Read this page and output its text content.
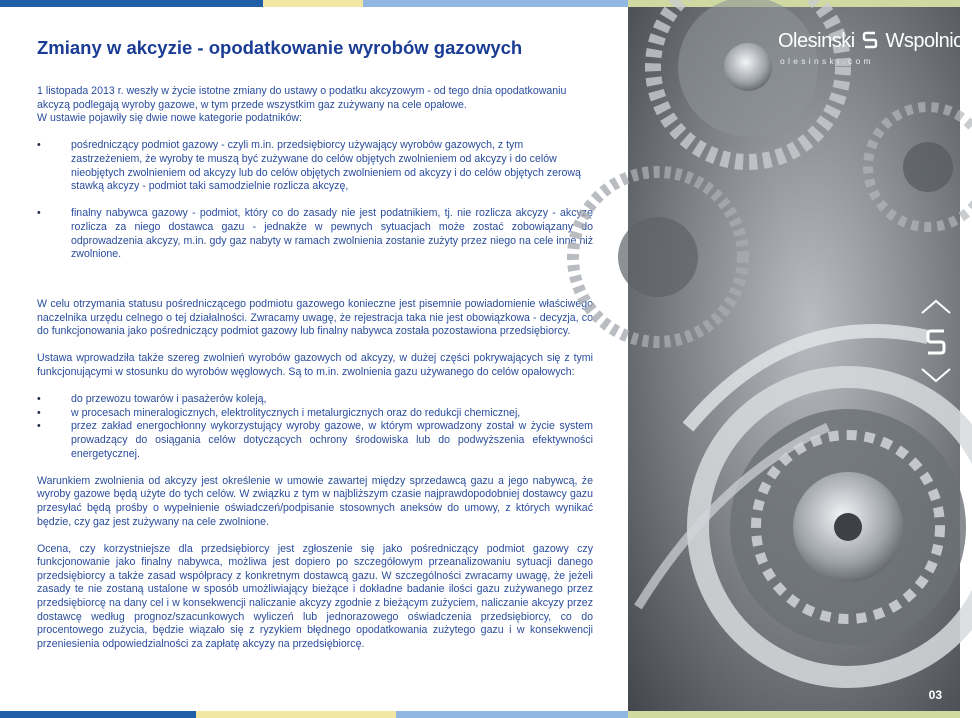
Zmiany w akcyzie - opodatkowanie wyrobów gazowych

1 listopada 2013 r. weszły w życie istotne zmiany do ustawy o podatku akcyzowym - od tego dnia opodatkowaniu akcyzą podlegają wyroby gazowe, w tym przede wszystkim gaz zużywany na cele opałowe.

W ustawie pojawiły się dwie nowe kategorie podatników:

•	pośredniczący podmiot gazowy - czyli m.in. przedsiębiorcy używający wyrobów gazowych, z tym zastrzeżeniem, że wyroby te muszą być zużywane do celów objętych zwolnieniem od akcyzy i do celów nieobjętych zwolnieniem od akcyzy lub do celów objętych zwolnieniem od akcyzy i do celów objętych zerową stawką akcyzy - podmiot taki samodzielnie rozlicza akcyzę,

•	finalny nabywca gazowy - podmiot, który co do zasady nie jest podatnikiem, tj. nie rozlicza akcyzy - akcyzę rozlicza za niego dostawca gazu - jednakże w pewnych sytuacjach może zostać zobowiązany do odprowadzenia akcyzy, m.in. gdy gaz nabyty w ramach zwolnienia zostanie zużyty przez niego na cele inne niż zwolnione.

W celu otrzymania statusu pośredniczącego podmiotu gazowego konieczne jest pisemnie powiadomienie właściwego naczelnika urzędu celnego o tej działalności. Zwracamy uwagę, że rejestracja taka nie jest obowiązkowa - decyzja, co do funkcjonowania jako pośredniczący podmiot gazowy lub finalny nabywca została pozostawiona przedsiębiorcy.

Ustawa wprowadziła także szereg zwolnień wyrobów gazowych od akcyzy, w dużej części pokrywających się z tymi funkcjonującymi w stosunku do wyrobów węglowych. Są to m.in. zwolnienia gazu używanego do celów opałowych:

•	do przewozu towarów i pasażerów koleją,

•	w procesach mineralogicznych, elektrolitycznych i metalurgicznych oraz do redukcji chemicznej,

•	przez zakład energochłonny wykorzystujący wyroby gazowe, w którym wprowadzony został w życie system prowadzący do osiągania celów dotyczących ochrony środowiska lub do podwyższenia efektywności energetycznej.

Warunkiem zwolnienia od akcyzy jest określenie w umowie zawartej między sprzedawcą gazu a jego nabywcą, że wyroby gazowe będą użyte do tych celów. W związku z tym w najbliższym czasie najprawdopodobniej dostawcy gazu przesyłać będą prośby o wypełnienie oświadczeń/podpisanie stosownych aneksów do umowy, z których wynikać będzie, czy gaz jest zużywany na cele zwolnione.

Ocena, czy korzystniejsze dla przedsiębiorcy jest zgłoszenie się jako pośredniczący podmiot gazowy czy funkcjonowanie jako finalny nabywca, możliwa jest dopiero po szczegółowym przeanalizowaniu sytuacji danego przedsiębiorcy a także zasad współpracy z konkretnym dostawcą gazu. W szczególności zwracamy uwagę, że jeżeli zasady te nie zostaną ustalone w sposób umożliwiający bieżące i dokładne badanie ilości gazu zużywanego przez przedsiębiorcę na dany cel i w konsekwencji naliczanie akcyzy zgodnie z bieżącym zużyciem, naliczanie akcyzy przez dostawcę według prognoz/szacunkowych wyliczeń lub jednorazowego oświadczenia przedsiębiorcy, co do procentowego zużycia, będzie wiązało się z ryzykiem błędnego opodatkowania zużytego gazu i w konsekwencji przeniesienia odpowiedzialności za zapłatę akcyzy na przedsiębiorcę.

Olesinski Wspolnicy
olesinski.com
03
